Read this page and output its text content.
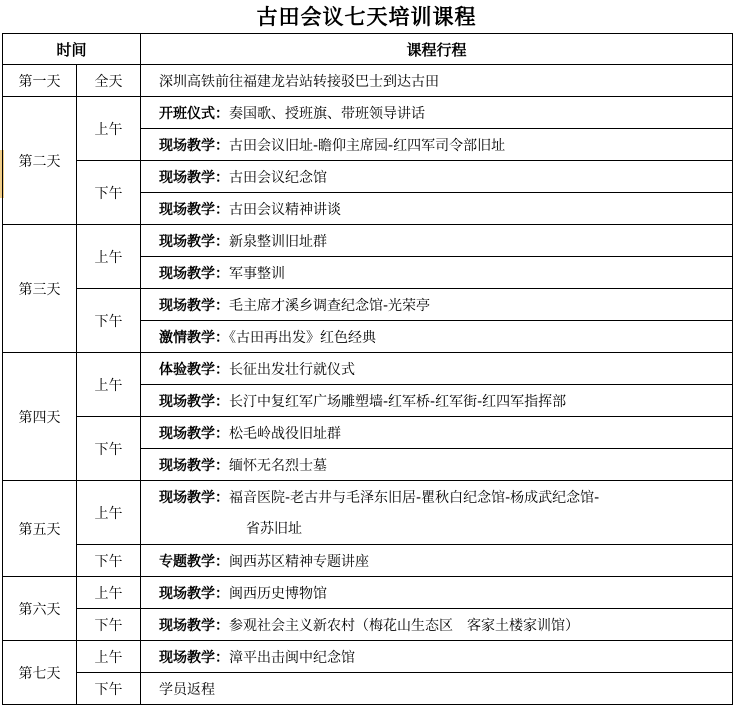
古田会议七天培训课程
时间		课程行程
第一天	全天	深圳高铁前往福建龙岩站转接驳巴士到达古田
第二天	上午	开班仪式：奏国歌、授班旗、带班领导讲话
		现场教学：古田会议旧址-瞻仰主席园-红四军司令部旧址
	下午	现场教学：古田会议纪念馆
		现场教学：古田会议精神讲谈
第三天	上午	现场教学：新泉整训旧址群
		现场教学：军事整训
	下午	现场教学：毛主席才溪乡调查纪念馆-光荣亭
		激情教学：《古田再出发》红色经典
第四天	上午	体验教学：长征出发壮行就仪式
		现场教学：长汀中复红军广场雕塑墙-红军桥-红军街-红四军指挥部
	下午	现场教学：松毛岭战役旧址群
		现场教学：缅怀无名烈士墓
第五天	上午	现场教学：福音医院-老古井与毛泽东旧居-瞿秋白纪念馆-杨成武纪念馆-
		省苏旧址
	下午	专题教学：闽西苏区精神专题讲座
第六天	上午	现场教学：闽西历史博物馆
	下午	现场教学：参观社会主义新农村（梅花山生态区　客家土楼家训馆）
第七天	上午	现场教学：漳平出击闽中纪念馆
	下午	学员返程
